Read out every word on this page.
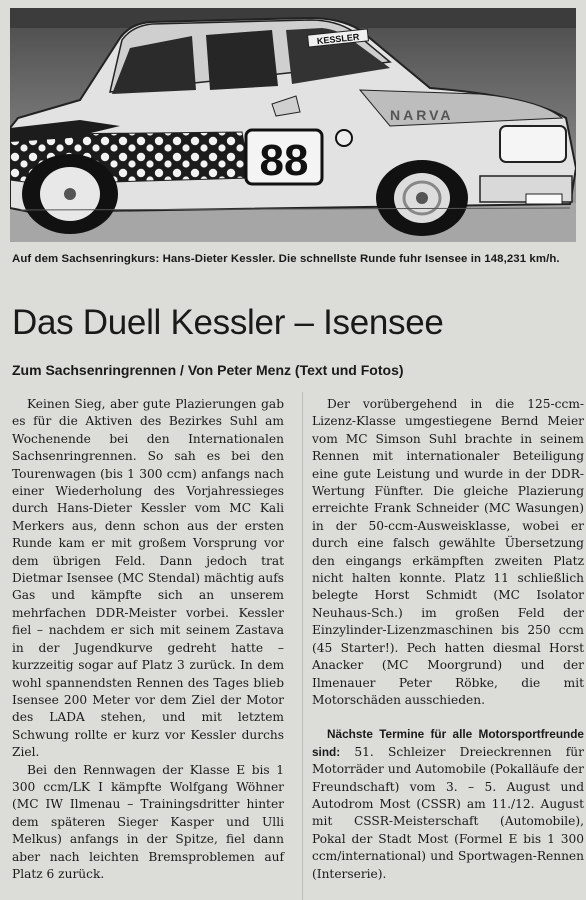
KESSLER
NARVA
88
Auf dem Sachsenringkurs: Hans-Dieter Kessler. Die schnellste Runde fuhr Isensee in 148,231 km/h.
Das Duell Kessler – Isensee
Zum Sachsenringrennen / Von Peter Menz (Text und Fotos)

Keinen Sieg, aber gute Plazierungen gab es für die Aktiven des Bezirkes Suhl am Wochenende bei den Internationalen Sachsenringrennen. So sah es bei den Tourenwagen (bis 1 300 ccm) anfangs nach einer Wiederholung des Vorjahressieges durch Hans-Dieter Kessler vom MC Kali Merkers aus, denn schon aus der ersten Runde kam er mit großem Vorsprung vor dem übrigen Feld. Dann jedoch trat Dietmar Isensee (MC Stendal) mächtig aufs Gas und kämpfte sich an unserem mehrfachen DDR-Meister vorbei. Kessler fiel – nachdem er sich mit seinem Zastava in der Jugendkurve gedreht hatte – kurzzeitig sogar auf Platz 3 zurück. In dem wohl spannendsten Rennen des Tages blieb Isensee 200 Meter vor dem Ziel der Motor des LADA stehen, und mit letztem Schwung rollte er kurz vor Kessler durchs Ziel.

Bei den Rennwagen der Klasse E bis 1 300 ccm/LK I kämpfte Wolfgang Wöhner (MC IW Ilmenau – Trainingsdritter hinter dem späteren Sieger Kasper und Ulli Melkus) anfangs in der Spitze, fiel dann aber nach leichten Bremsproblemen auf Platz 6 zurück.

Der vorübergehend in die 125-ccm-Lizenz-Klasse umgestiegene Bernd Meier vom MC Simson Suhl brachte in seinem Rennen mit internationaler Beteiligung eine gute Leistung und wurde in der DDR-Wertung Fünfter. Die gleiche Plazierung erreichte Frank Schneider (MC Wasungen) in der 50-ccm-Ausweisklasse, wobei er durch eine falsch gewählte Übersetzung den eingangs erkämpften zweiten Platz nicht halten konnte. Platz 11 schließlich belegte Horst Schmidt (MC Isolator Neuhaus-Sch.) im großen Feld der Einzylinder-Lizenzmaschinen bis 250 ccm (45 Starter!). Pech hatten diesmal Horst Anacker (MC Moorgrund) und der Ilmenauer Peter Röbke, die mit Motorschäden ausschieden.

Nächste Termine für alle Motorsportfreunde sind: 51. Schleizer Dreieckrennen für Motorräder und Automobile (Pokalläufe der Freundschaft) vom 3. – 5. August und Autodrom Most (CSSR) am 11./12. August mit CSSR-Meisterschaft (Automobile), Pokal der Stadt Most (Formel E bis 1 300 ccm/international) und Sportwagen-Rennen (Interserie).
